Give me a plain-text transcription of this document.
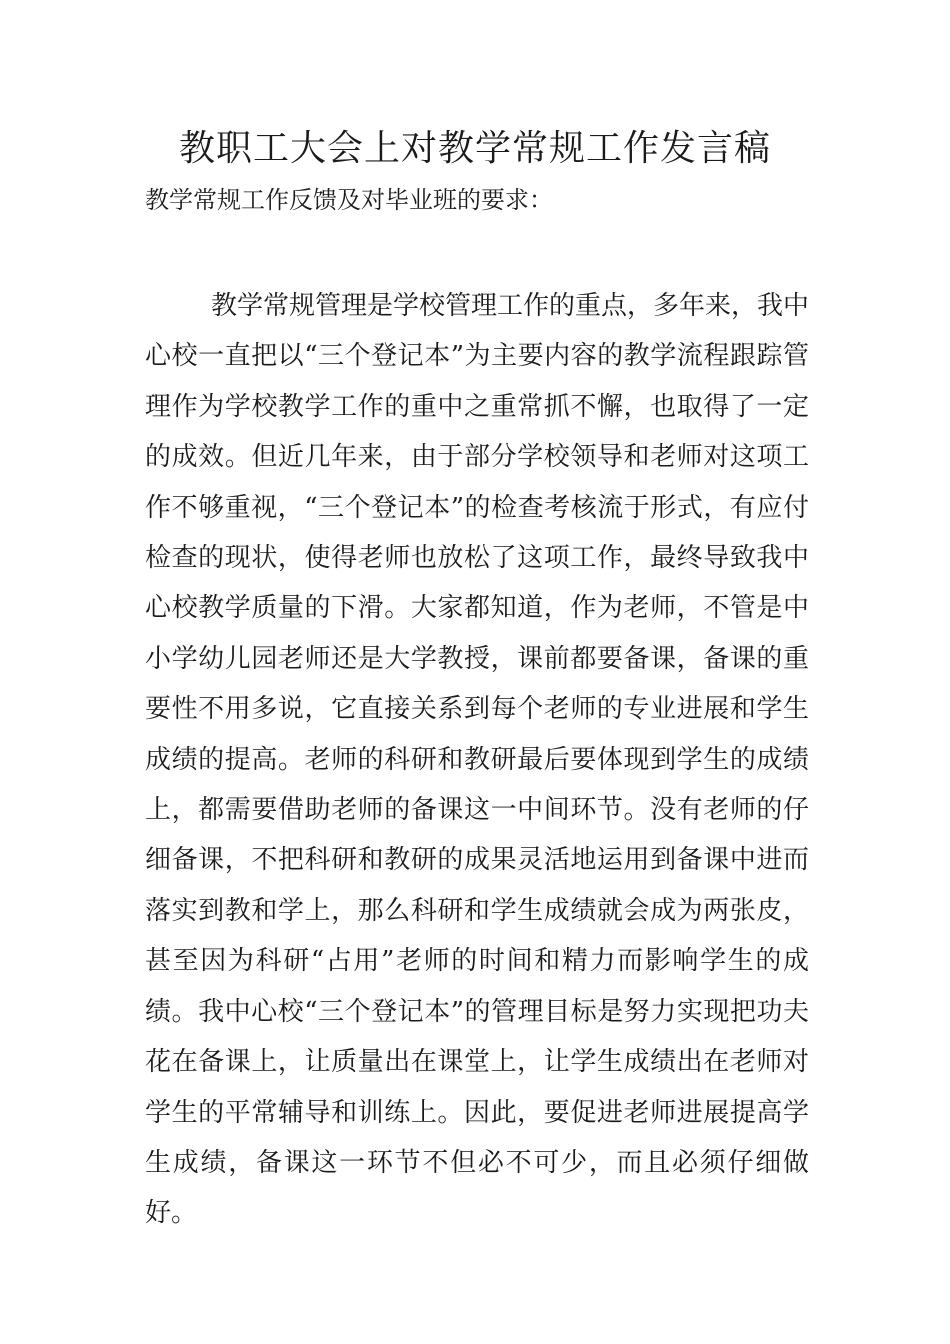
教职工大会上对教学常规工作发言稿

教学常规工作反馈及对毕业班的要求：

教学常规管理是学校管理工作的重点，多年来，我中心校一直把以“三个登记本”为主要内容的教学流程跟踪管理作为学校教学工作的重中之重常抓不懈，也取得了一定的成效。但近几年来，由于部分学校领导和老师对这项工作不够重视，“三个登记本”的检查考核流于形式，有应付检查的现状，使得老师也放松了这项工作，最终导致我中心校教学质量的下滑。大家都知道，作为老师，不管是中小学幼儿园老师还是大学教授，课前都要备课，备课的重要性不用多说，它直接关系到每个老师的专业进展和学生成绩的提高。老师的科研和教研最后要体现到学生的成绩上，都需要借助老师的备课这一中间环节。没有老师的仔细备课，不把科研和教研的成果灵活地运用到备课中进而落实到教和学上，那么科研和学生成绩就会成为两张皮，甚至因为科研“占用”老师的时间和精力而影响学生的成绩。我中心校“三个登记本”的管理目标是努力实现把功夫花在备课上，让质量出在课堂上，让学生成绩出在老师对学生的平常辅导和训练上。因此，要促进老师进展提高学生成绩，备课这一环节不但必不可少，而且必须仔细做好。
